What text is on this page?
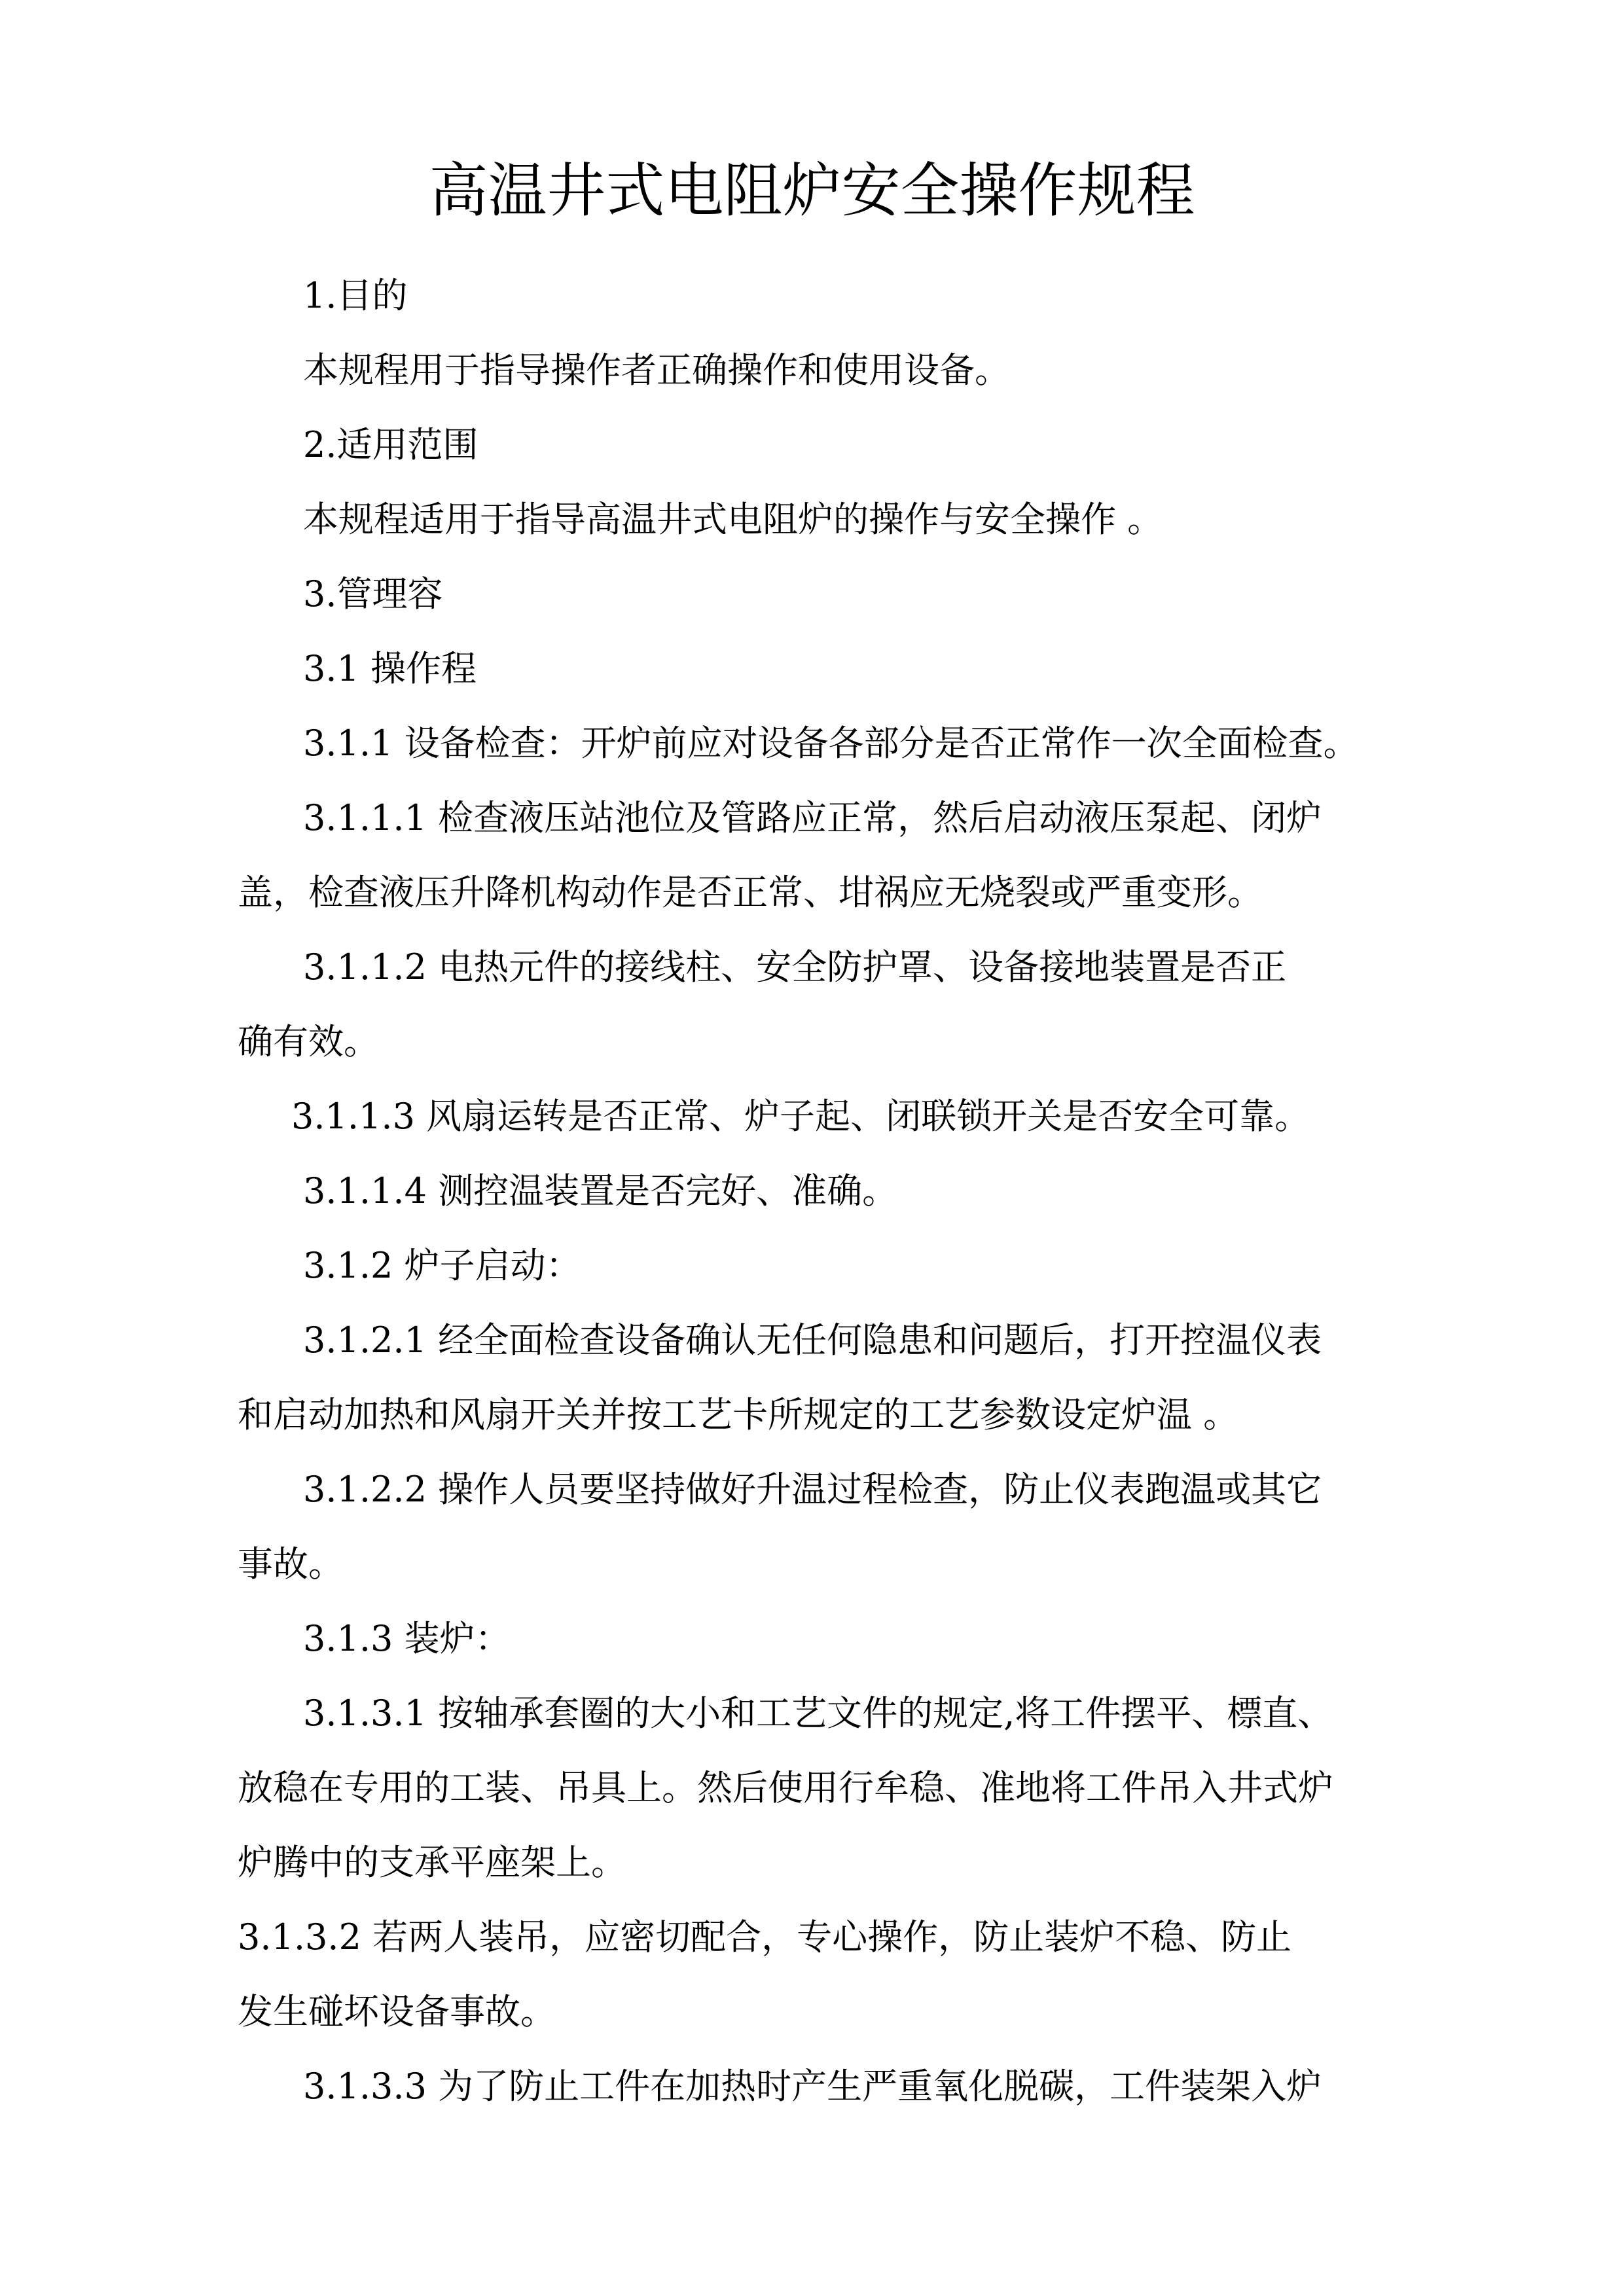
高温井式电阻炉安全操作规程
1.目的
本规程用于指导操作者正确操作和使用设备。
2.适用范围
本规程适用于指导高温井式电阻炉的操作与安全操作 。
3.管理容
3.1 操作程
3.1.1 设备检查：开炉前应对设备各部分是否正常作一次全面检查。
3.1.1.1 检查液压站池位及管路应正常，然后启动液压泵起、闭炉
盖，检查液压升降机构动作是否正常、坩祸应无烧裂或严重变形。
3.1.1.2 电热元件的接线柱、安全防护罩、设备接地装置是否正
确有效。
3.1.1.3 风扇运转是否正常、炉子起、闭联锁开关是否安全可靠。
3.1.1.4 测控温装置是否完好、准确。
3.1.2 炉子启动：
3.1.2.1 经全面检查设备确认无任何隐患和问题后，打开控温仪表
和启动加热和风扇开关并按工艺卡所规定的工艺参数设定炉温 。
3.1.2.2 操作人员要坚持做好升温过程检查，防止仪表跑温或其它
事故。
3.1.3 装炉：
3.1.3.1 按轴承套圈的大小和工艺文件的规定,将工件摆平、標直、
放稳在专用的工装、吊具上。然后使用行牟稳、准地将工件吊入井式炉
炉腾中的支承平座架上。
3.1.3.2 若两人装吊，应密切配合，专心操作，防止装炉不稳、防止
发生碰坏设备事故。
3.1.3.3 为了防止工件在加热时产生严重氧化脱碳，工件装架入炉
